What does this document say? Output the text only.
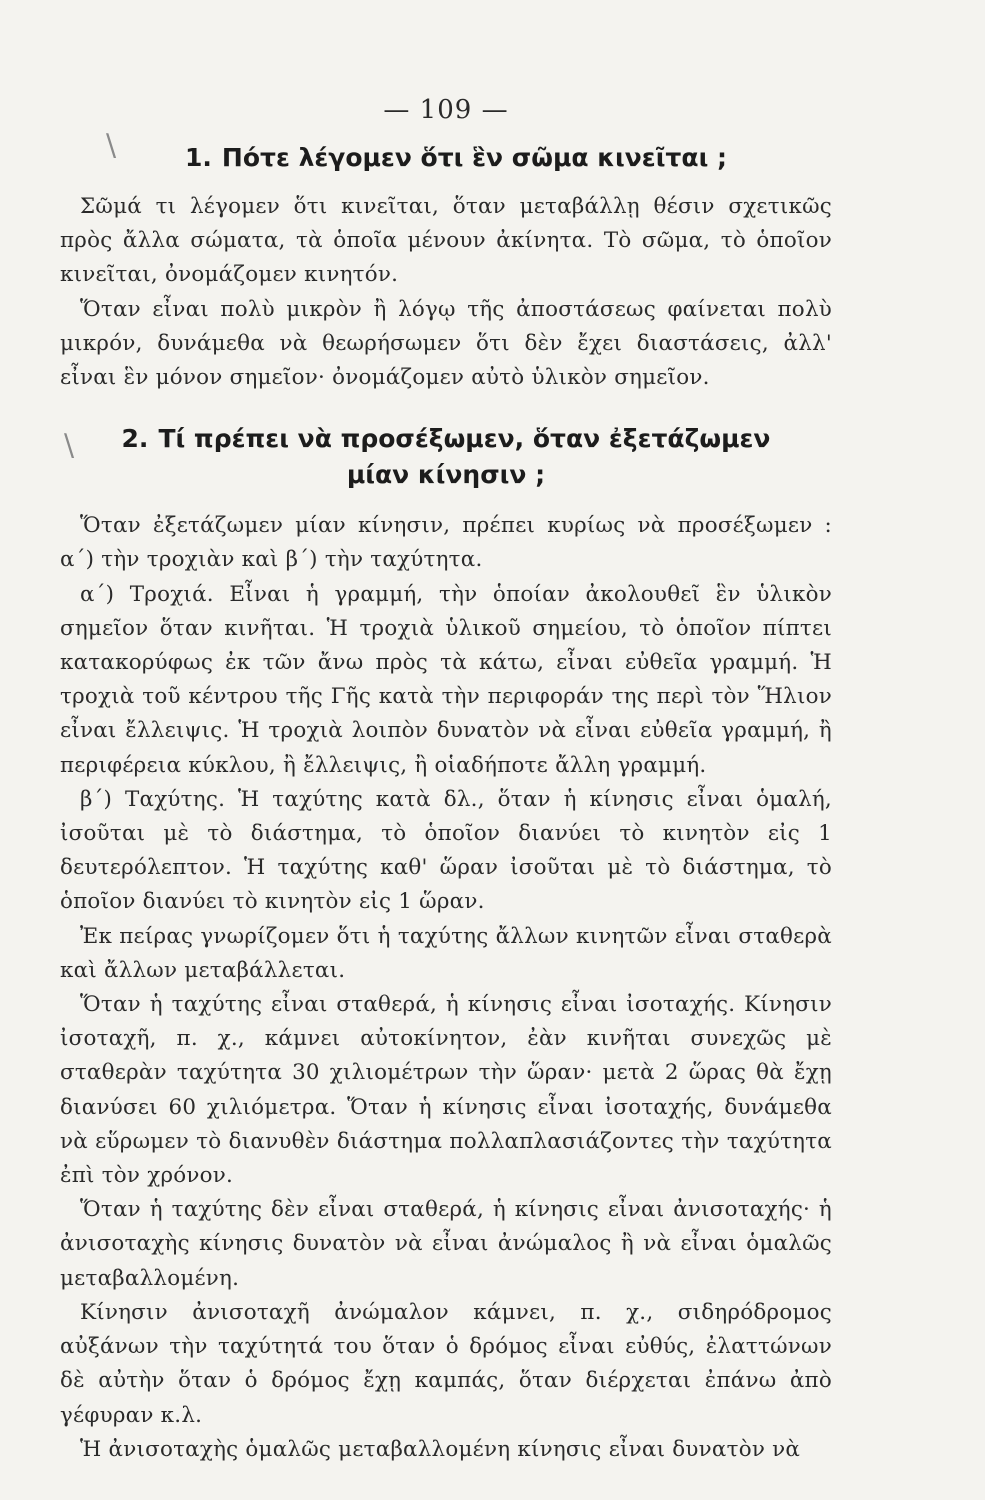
\
\
— 109 —
1. Πότε λέγομεν ὅτι ἓν σῶμα κινεῖται ;

Σῶμά τι λέγομεν ὅτι κινεῖται, ὅταν μεταβάλλῃ θέσιν σχετικῶς πρὸς ἄλλα σώματα, τὰ ὁποῖα μένουν ἀκίνητα. Τὸ σῶμα, τὸ ὁποῖον κινεῖται, ὀνομάζομεν κινητόν.

Ὅταν εἶναι πολὺ μικρὸν ἢ λόγῳ τῆς ἀποστάσεως φαίνεται πολὺ μικρόν, δυνάμεθα νὰ θεωρήσωμεν ὅτι δὲν ἔχει διαστάσεις, ἀλλ' εἶναι ἓν μόνον σημεῖον· ὀνομάζομεν αὐτὸ ὑλικὸν σημεῖον.

2. Τί πρέπει νὰ προσέξωμεν, ὅταν ἐξετάζωμεν μίαν κίνησιν ;

Ὅταν ἐξετάζωμεν μίαν κίνησιν, πρέπει κυρίως νὰ προσέξωμεν : α΄) τὴν τροχιὰν καὶ β΄) τὴν ταχύτητα.

α΄) Τροχιά. Εἶναι ἡ γραμμή, τὴν ὁποίαν ἀκολουθεῖ ἓν ὑλικὸν σημεῖον ὅταν κινῆται. Ἡ τροχιὰ ὑλικοῦ σημείου, τὸ ὁποῖον πίπτει κατακορύφως ἐκ τῶν ἄνω πρὸς τὰ κάτω, εἶναι εὐθεῖα γραμμή. Ἡ τροχιὰ τοῦ κέντρου τῆς Γῆς κατὰ τὴν περιφοράν της περὶ τὸν Ἥλιον εἶναι ἔλλειψις. Ἡ τροχιὰ λοιπὸν δυνατὸν νὰ εἶναι εὐθεῖα γραμμή, ἢ περιφέρεια κύκλου, ἢ ἔλλειψις, ἢ οἱαδήποτε ἄλλη γραμμή.

β΄) Ταχύτης. Ἡ ταχύτης κατὰ δλ., ὅταν ἡ κίνησις εἶναι ὁμαλή, ἰσοῦται μὲ τὸ διάστημα, τὸ ὁποῖον διανύει τὸ κινητὸν εἰς 1 δευτερόλεπτον. Ἡ ταχύτης καθ' ὥραν ἰσοῦται μὲ τὸ διάστημα, τὸ ὁποῖον διανύει τὸ κινητὸν εἰς 1 ὥραν.

Ἐκ πείρας γνωρίζομεν ὅτι ἡ ταχύτης ἄλλων κινητῶν εἶναι σταθερὰ καὶ ἄλλων μεταβάλλεται.

Ὅταν ἡ ταχύτης εἶναι σταθερά, ἡ κίνησις εἶναι ἰσοταχής. Κίνησιν ἰσοταχῆ, π. χ., κάμνει αὐτοκίνητον, ἐὰν κινῆται συνεχῶς μὲ σταθερὰν ταχύτητα 30 χιλιομέτρων τὴν ὥραν· μετὰ 2 ὥρας θὰ ἔχῃ διανύσει 60 χιλιόμετρα. Ὅταν ἡ κίνησις εἶναι ἰσοταχής, δυνάμεθα νὰ εὕρωμεν τὸ διανυθὲν διάστημα πολλαπλασιάζοντες τὴν ταχύτητα ἐπὶ τὸν χρόνον.

Ὅταν ἡ ταχύτης δὲν εἶναι σταθερά, ἡ κίνησις εἶναι ἀνισοταχής· ἡ ἀνισοταχὴς κίνησις δυνατὸν νὰ εἶναι ἀνώμαλος ἢ νὰ εἶναι ὁμαλῶς μεταβαλλομένη.

Κίνησιν ἀνισοταχῆ ἀνώμαλον κάμνει, π. χ., σιδηρόδρομος αὐξάνων τὴν ταχύτητά του ὅταν ὁ δρόμος εἶναι εὐθύς, ἐλαττώνων δὲ αὐτὴν ὅταν ὁ δρόμος ἔχῃ καμπάς, ὅταν διέρχεται ἐπάνω ἀπὸ γέφυραν κ.λ.

Ἡ ἀνισοταχὴς ὁμαλῶς μεταβαλλομένη κίνησις εἶναι δυνατὸν νὰ
